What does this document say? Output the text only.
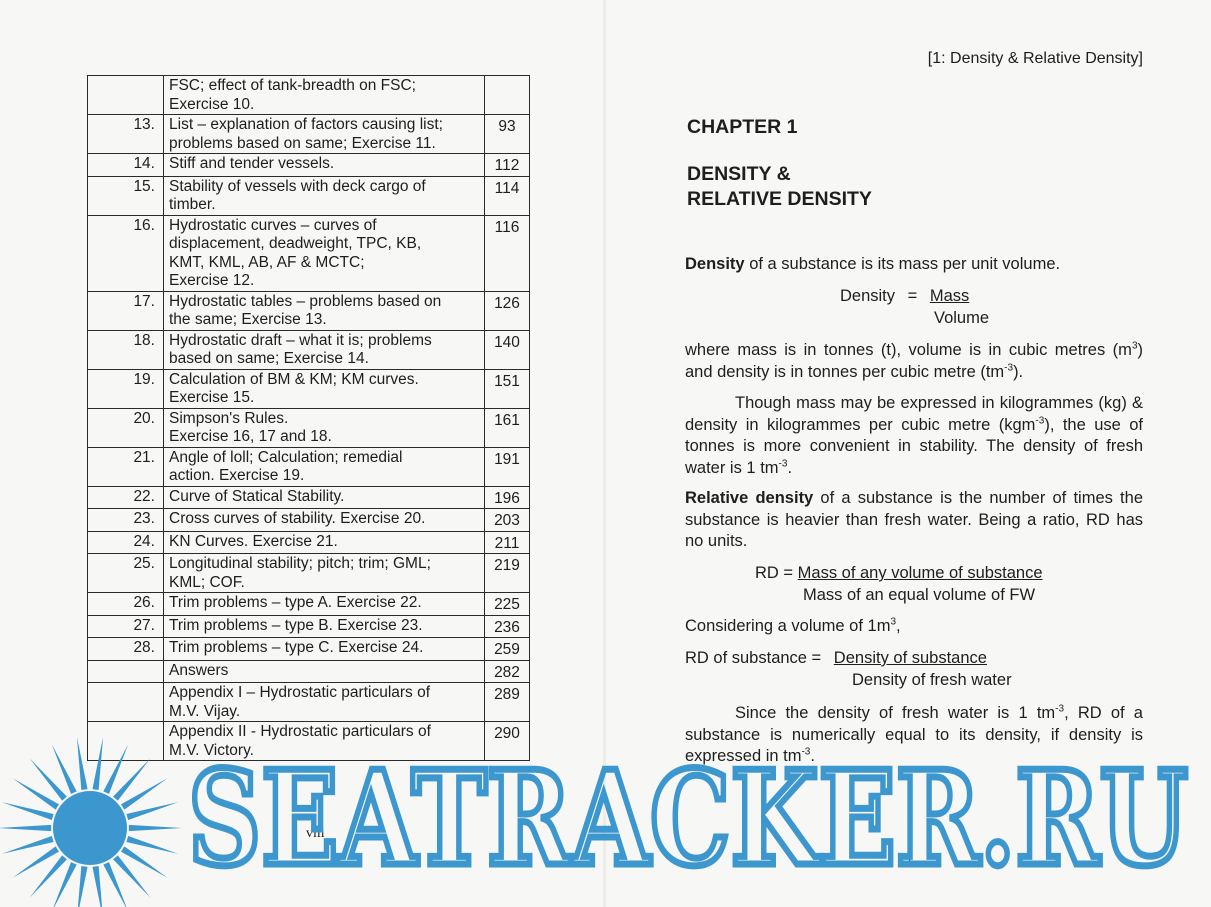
	FSC; effect of tank-breadth on FSC;
Exercise 10.	

13.	List – explanation of factors causing list;
problems based on same; Exercise 11.	93
14.	Stiff and tender vessels.	112
15.	Stability of vessels with deck cargo of
timber.	114
16.	Hydrostatic curves – curves of
displacement, deadweight, TPC, KB,
KMT, KML, AB, AF & MCTC;
Exercise 12.	116
17.	Hydrostatic tables – problems based on
the same; Exercise 13.	126
18.	Hydrostatic draft – what it is; problems
based on same; Exercise 14.	140
19.	Calculation of BM & KM; KM curves.
Exercise 15.	151
20.	Simpson's Rules.
Exercise 16, 17 and 18.	161
21.	Angle of loll; Calculation; remedial
action. Exercise 19.	191
22.	Curve of Statical Stability.	196
23.	Cross curves of stability. Exercise 20.	203
24.	KN Curves. Exercise 21.	211
25.	Longitudinal stability; pitch; trim; GML;
KML; COF.	219
26.	Trim problems – type A. Exercise 22.	225
27.	Trim problems – type B. Exercise 23.	236
28.	Trim problems – type C. Exercise 24.	259

	Answers	282

	Appendix I – Hydrostatic particulars of
M.V. Vijay.	289

	Appendix II - Hydrostatic particulars of
M.V. Victory.	290
viii
[1: Density & Relative Density]
CHAPTER 1
DENSITY &
RELATIVE DENSITY
Density of a substance is its mass per unit volume.
Density = Mass
Volume
where mass is in tonnes (t), volume is in cubic metres $(m^3)$ and density is in tonnes per cubic metre $(tm^{-3})$.
Though mass may be expressed in kilogrammes (kg) & density in kilogrammes per cubic metre (kgm$^{-3}$), the use of tonnes is more convenient in stability. The density of fresh water is 1 $tm^{-3}$.
Relative density of a substance is the number of times the substance is heavier than fresh water. Being a ratio, RD has no units.
RD = Mass of any volume of substance
Mass of an equal volume of FW
Considering a volume of $1m^3$,
RD of substance = Density of substance
Density of fresh water
Since the density of fresh water is 1 $tm^{-3}$, RD of a substance is numerically equal to its density, if density is expressed in $tm^{-3}$.
1
SEATRACKER.RU
